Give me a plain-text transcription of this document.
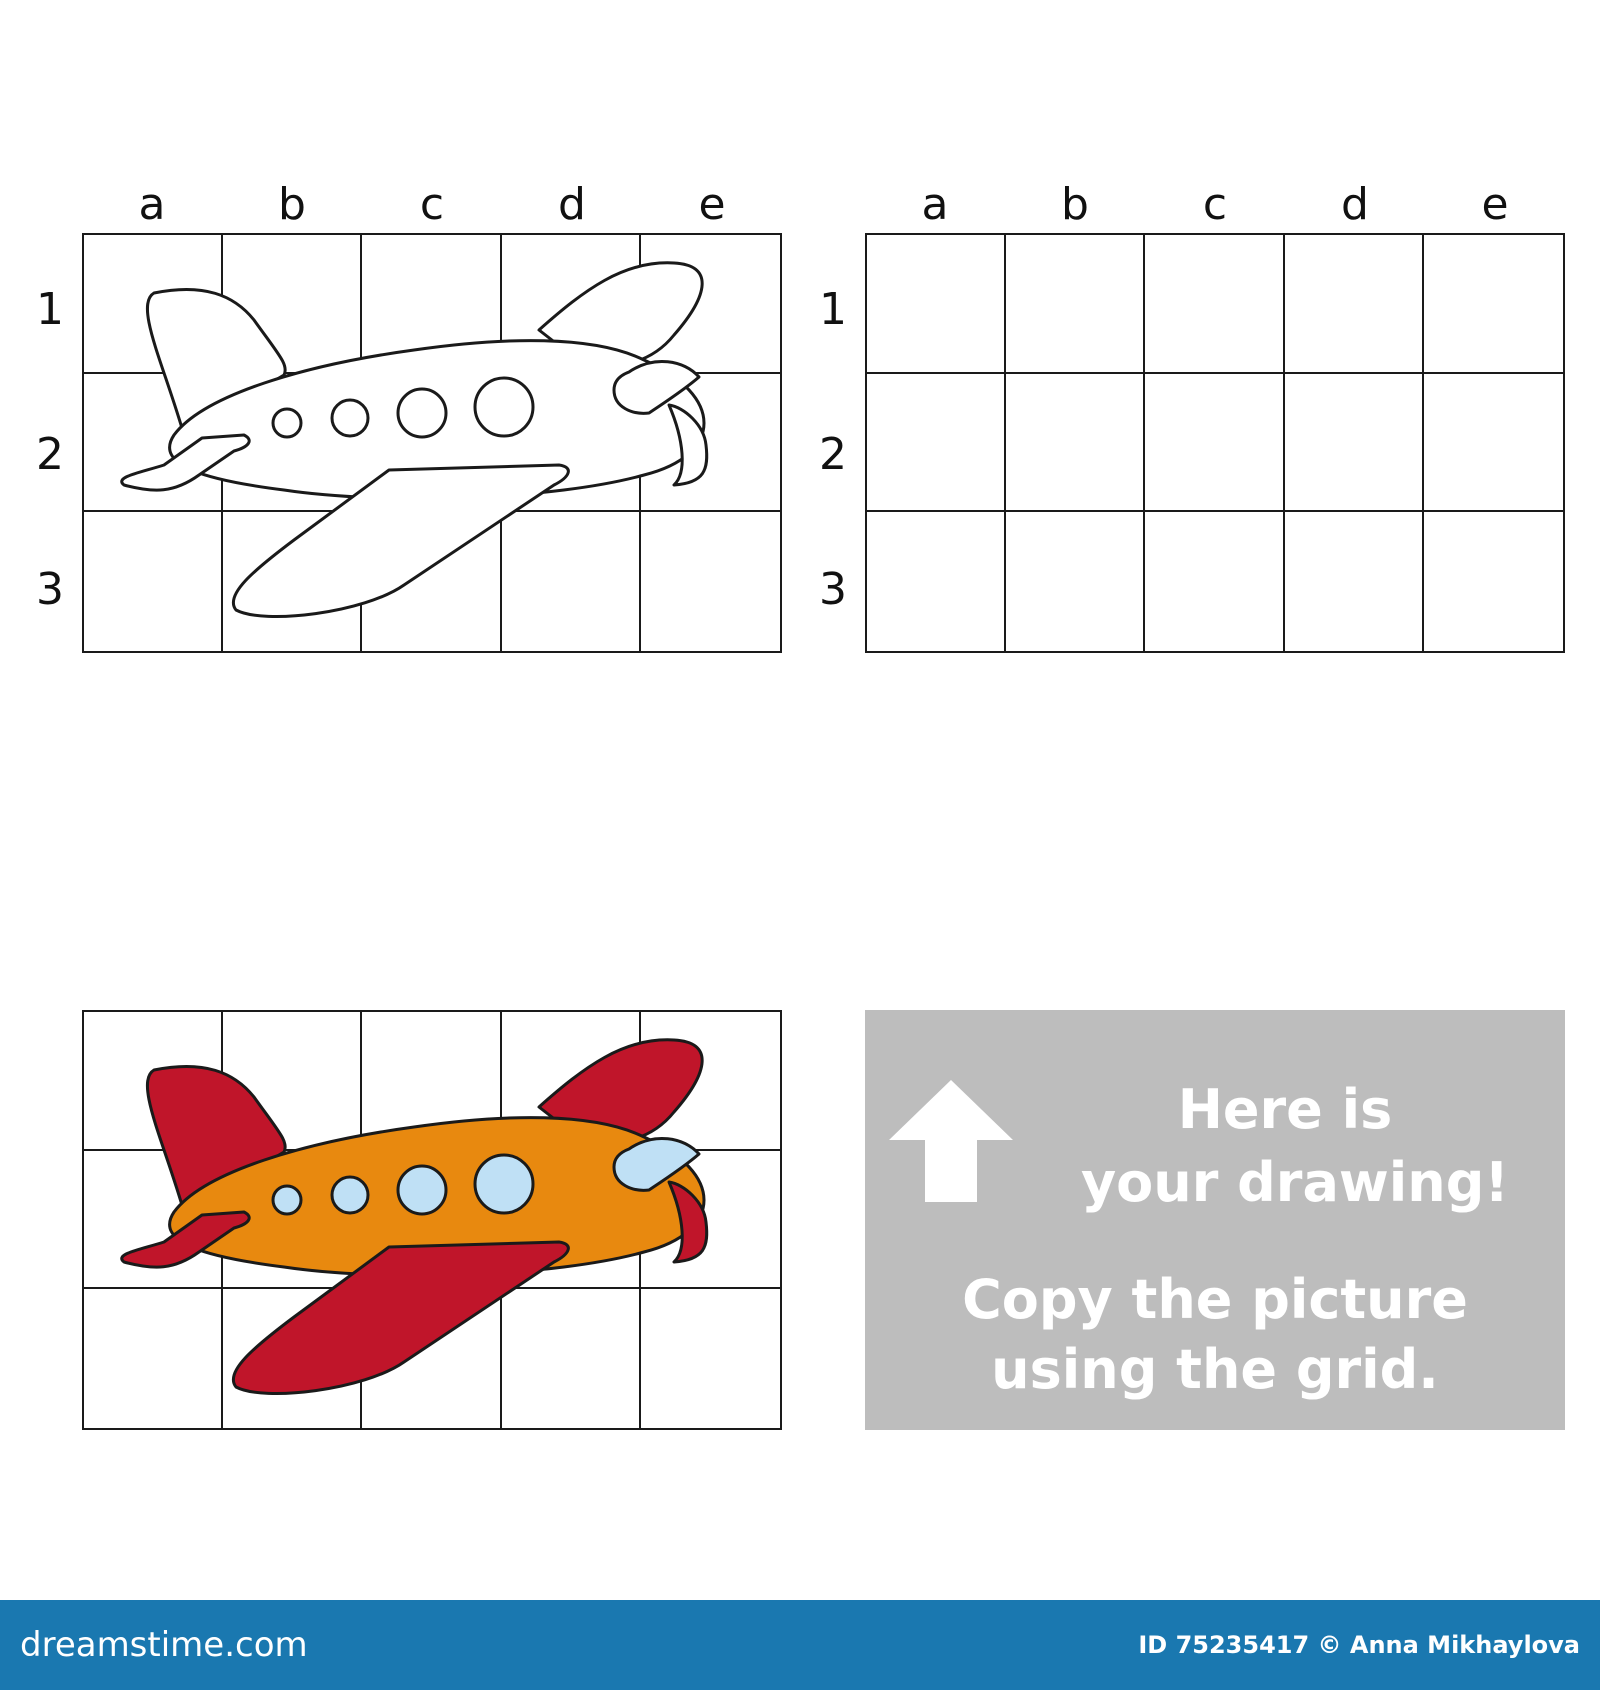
a	b	c	d	e	a	b	c	d	e
1
2
3
1
2
3
Here is
your drawing!
Copy the picture
using the grid.
dreamstime.com	ID 75235417 © Anna Mikhaylova
